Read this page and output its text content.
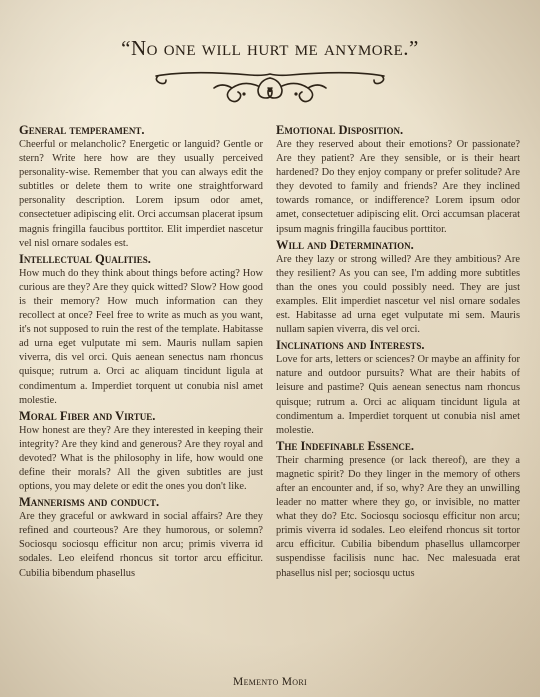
“No one will hurt me anymore.”
General temperament.

Cheerful or melancholic? Energetic or languid? Gentle or stern? Write here how are they usually perceived personality-wise. Remember that you can always edit the subtitles or delete them to write one straightforward personality description. Lorem ipsum odor amet, consectetuer adipiscing elit. Orci accumsan placerat ipsum magnis fringilla faucibus porttitor. Elit imperdiet nascetur vel nisl ornare sodales est.

Intellectual Qualities.

How much do they think about things before acting? How curious are they? Are they quick witted? Slow? How good is their memory? How much information can they recollect at once? Feel free to write as much as you want, it's not supposed to ruin the rest of the template. Habitasse ad urna eget vulputate mi sem. Mauris nullam sapien viverra, dis vel orci. Quis aenean senectus nam rhoncus quisque; rutrum a. Orci ac aliquam tincidunt ligula at condimentum a. Imperdiet torquent ut conubia nisl amet molestie.

Moral Fiber and Virtue.

How honest are they? Are they interested in keeping their integrity? Are they kind and generous? Are they royal and devoted? What is the philosophy in life, how would one define their morals? All the given subtitles are just options, you may delete or edit the ones you don't like.

Mannerisms and conduct.

Are they graceful or awkward in social affairs? Are they refined and courteous? Are they humorous, or solemn? Sociosqu sociosqu efficitur non arcu; primis viverra id sodales. Leo eleifend rhoncus sit tortor arcu efficitur. Cubilia bibendum phasellus

Emotional Disposition.

Are they reserved about their emotions? Or passionate? Are they patient? Are they sensible, or is their heart hardened? Do they enjoy company or prefer solitude? Are they devoted to family and friends? Are they inclined towards romance, or indifference? Lorem ipsum odor amet, consectetuer adipiscing elit. Orci accumsan placerat ipsum magnis fringilla faucibus porttitor.

Will and Determination.

Are they lazy or strong willed? Are they ambitious? Are they resilient? As you can see, I'm adding more subtitles than the ones you could possibly need. They are just examples. Elit imperdiet nascetur vel nisl ornare sodales est. Habitasse ad urna eget vulputate mi sem. Mauris nullam sapien viverra, dis vel orci.

Inclinations and Interests.

Love for arts, letters or sciences? Or maybe an affinity for nature and outdoor pursuits? What are their habits of leisure and pastime? Quis aenean senectus nam rhoncus quisque; rutrum a. Orci ac aliquam tincidunt ligula at condimentum a. Imperdiet torquent ut conubia nisl amet molestie.

The Indefinable Essence.

Their charming presence (or lack thereof), are they a magnetic spirit? Do they linger in the memory of others after an encounter and, if so, why? Are they an unwilling leader no matter where they go, or invisible, no matter what they do? Etc. Sociosqu sociosqu efficitur non arcu; primis viverra id sodales. Leo eleifend rhoncus sit tortor arcu efficitur. Cubilia bibendum phasellus ullamcorper suspendisse facilisis nunc hac. Nec malesuada erat phasellus nisl per; sociosqu uctus

Memento Mori
